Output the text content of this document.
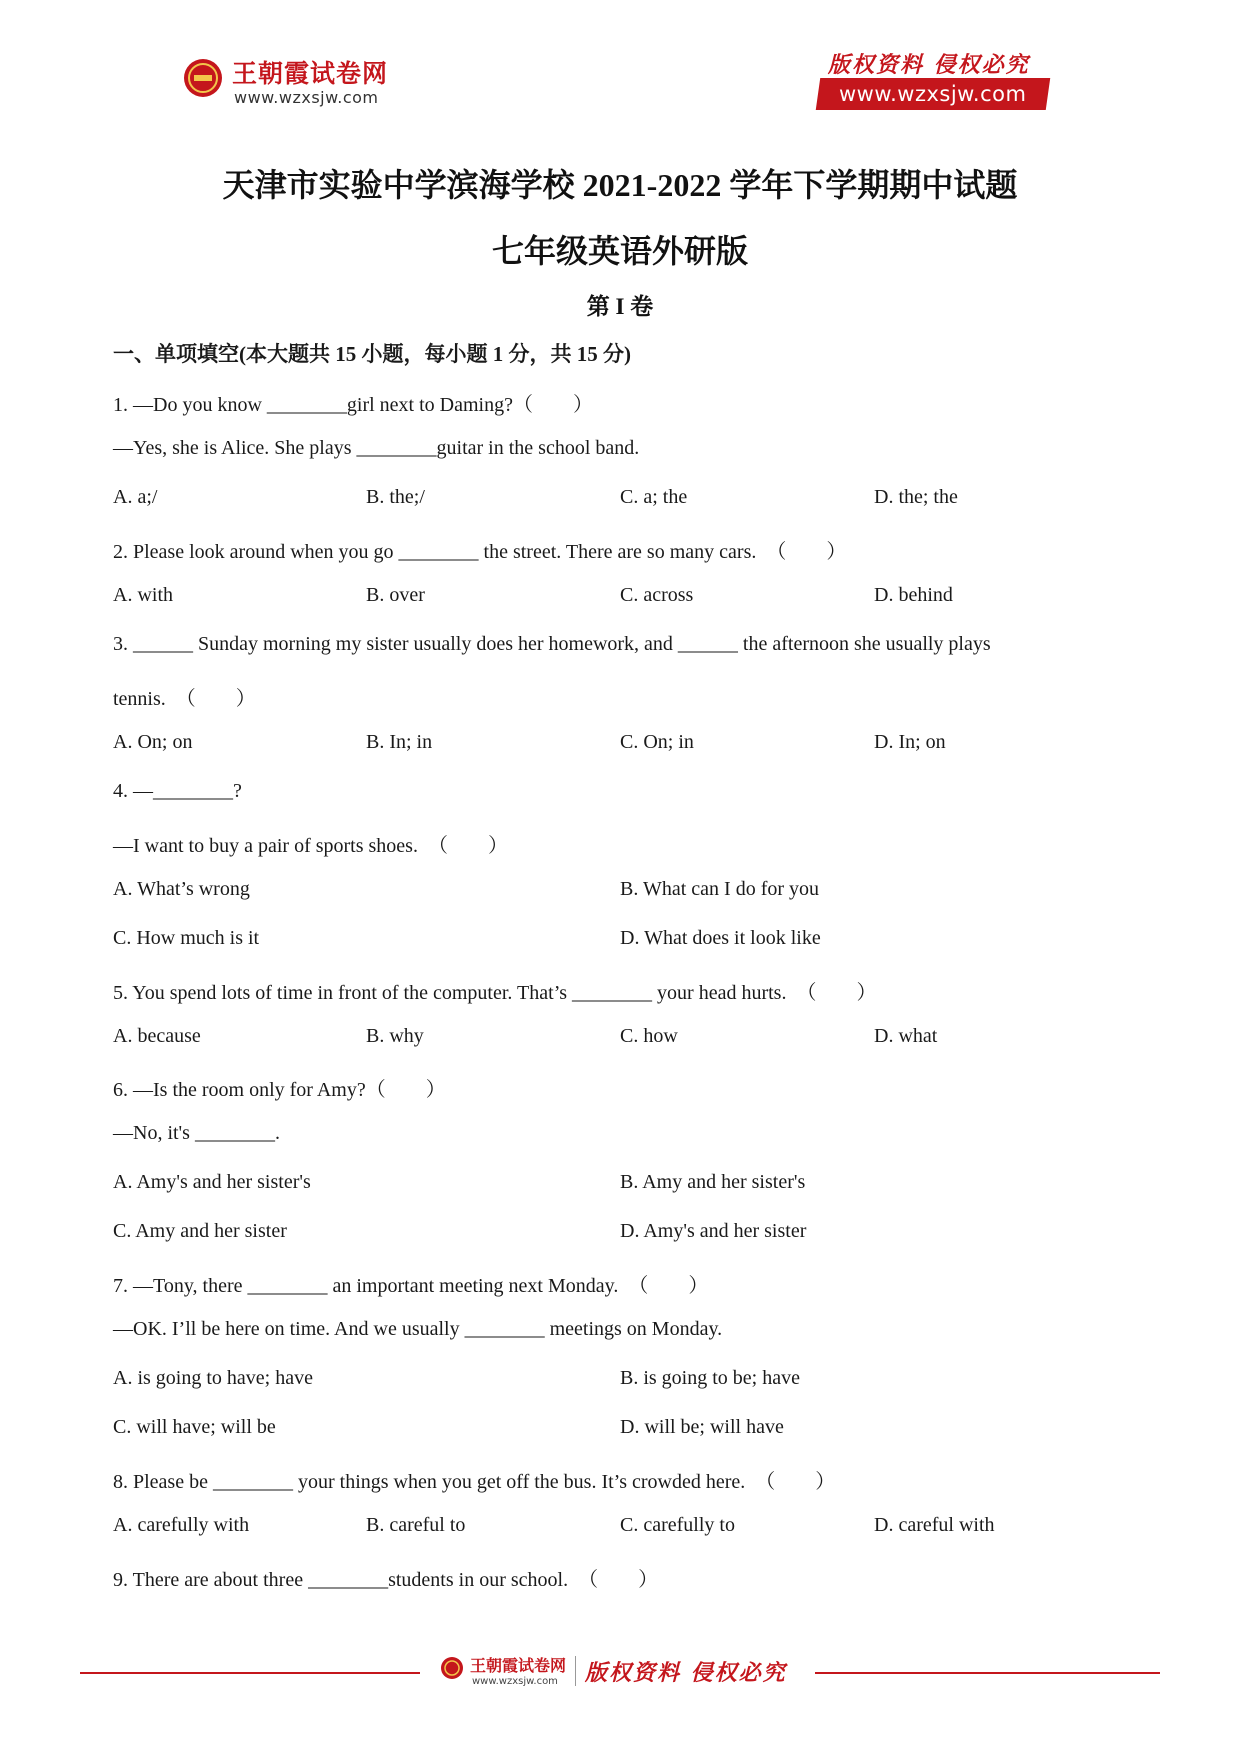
王朝霞试卷网
www.wzxsjw.com
版权资料 侵权必究
www.wzxsjw.com
天津市实验中学滨海学校 2021-2022 学年下学期期中试题
七年级英语外研版
第 I 卷
一、单项填空(本大题共 15 小题，每小题 1 分，共 15 分)
1. —Do you know ________girl next to Daming?（　　）
—Yes, she is Alice. She plays ________guitar in the school band.
A. a;/	B. the;/	C. a; the	D. the; the
2. Please look around when you go ________ the street. There are so many cars.　（　　）
A. with	B. over	C. across	D. behind
3. ______ Sunday morning my sister usually does her homework, and ______ the afternoon she usually plays
tennis.　（　　）
A. On; on	B. In; in	C. On; in	D. In; on
4. —________?
—I want to buy a pair of sports shoes.　（　　）
A. What’s wrong	B. What can I do for you
C. How much is it	D. What does it look like
5. You spend lots of time in front of the computer. That’s ________ your head hurts.　（　　）
A. because	B. why	C. how	D. what
6. —Is the room only for Amy?（　　）
—No, it's ________.
A. Amy's and her sister's	B. Amy and her sister's
C. Amy and her sister	D. Amy's and her sister
7. —Tony, there ________ an important meeting next Monday.　（　　）
—OK. I’ll be here on time. And we usually ________ meetings on Monday.
A. is going to have; have	B. is going to be; have
C. will have; will be	D. will be; will have
8. Please be ________ your things when you get off the bus. It’s crowded here.　（　　）
A. carefully with	B. careful to	C. carefully to	D. careful with
9. There are about three ________students in our school.　（　　）
王朝霞试卷网
www.wzxsjw.com 版权资料 侵权必究
